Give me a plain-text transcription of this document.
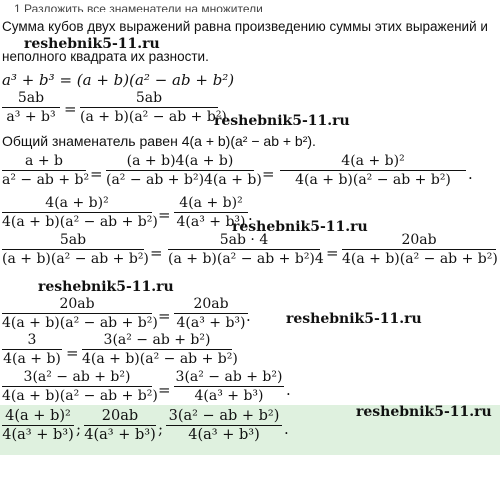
1 Разложить все знаменатели на множители
Сумма кубов двух выражений равна произведению суммы этих выражений и
reshebnik5-11.ru
неполного квадрата их разности.
a³ + b³ = (a + b)(a² − ab + b²)
5ab
a³ + b³ =
5ab
(a + b)(a² − ab + b²)
reshebnik5-11.ru
Общий знаменатель равен 4(a + b)(a² − ab + b²).
a + b
a² − ab + b² =
(a + b)4(a + b)
(a² − ab + b²)4(a + b) =
4(a + b)²
4(a + b)(a² − ab + b²)	.
4(a + b)²
4(a + b)(a² − ab + b²) =
4(a + b)²
4(a³ + b³) .
reshebnik5-11.ru
5ab
(a + b)(a² − ab + b²) =
5ab · 4
(a + b)(a² − ab + b²)4 =
20ab
4(a + b)(a² − ab + b²)
reshebnik5-11.ru
20ab
4(a + b)(a² − ab + b²) =
20ab
4(a³ + b³) .	reshebnik5-11.ru
3
4(a + b) =
3(a² − ab + b²)
4(a + b)(a² − ab + b²)
3(a² − ab + b²)
4(a + b)(a² − ab + b²) =
3(a² − ab + b²)
4(a³ + b³)	.
reshebnik5-11.ru
4(a + b)²
4(a³ + b³) ;
20ab
4(a³ + b³) ;
3(a² − ab + b²)
4(a³ + b³)	.
